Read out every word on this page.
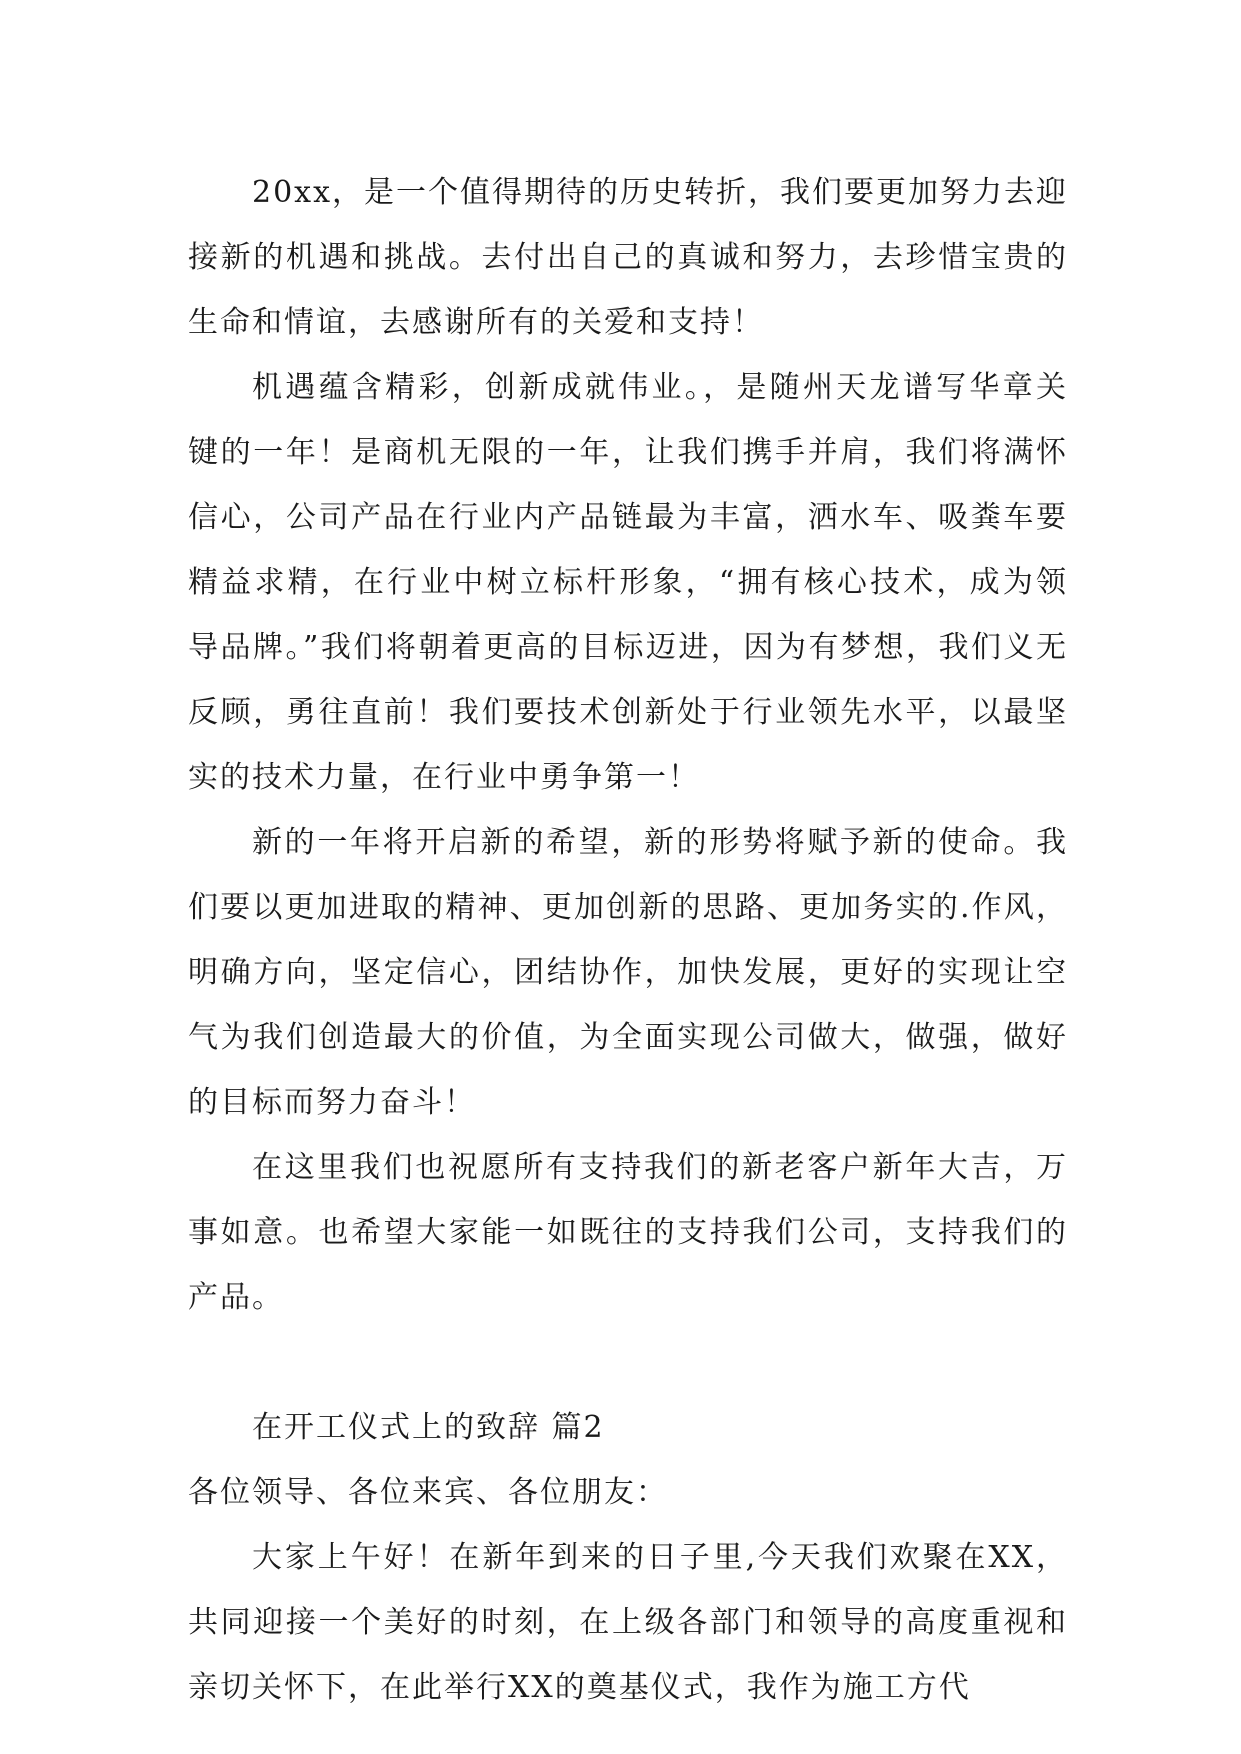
20xx，是一个值得期待的历史转折，我们要更加努力去迎接新的机遇和挑战。去付出自己的真诚和努力，去珍惜宝贵的生命和情谊，去感谢所有的关爱和支持！

机遇蕴含精彩，创新成就伟业。，是随州天龙谱写华章关键的一年！是商机无限的一年，让我们携手并肩，我们将满怀信心，公司产品在行业内产品链最为丰富，洒水车、吸粪车要精益求精，在行业中树立标杆形象，“拥有核心技术，成为领导品牌。”我们将朝着更高的目标迈进，因为有梦想，我们义无反顾，勇往直前！我们要技术创新处于行业领先水平，以最坚实的技术力量，在行业中勇争第一！

新的一年将开启新的希望，新的形势将赋予新的使命。我们要以更加进取的精神、更加创新的思路、更加务实的.作风，明确方向，坚定信心，团结协作，加快发展，更好的实现让空气为我们创造最大的价值，为全面实现公司做大，做强，做好的目标而努力奋斗！

在这里我们也祝愿所有支持我们的新老客户新年大吉，万事如意。也希望大家能一如既往的支持我们公司，支持我们的产品。

在开工仪式上的致辞 篇2

各位领导、各位来宾、各位朋友：

大家上午好！在新年到来的日子里,今天我们欢聚在XX，共同迎接一个美好的时刻，在上级各部门和领导的高度重视和亲切关怀下，在此举行XX的奠基仪式，我作为施工方代
